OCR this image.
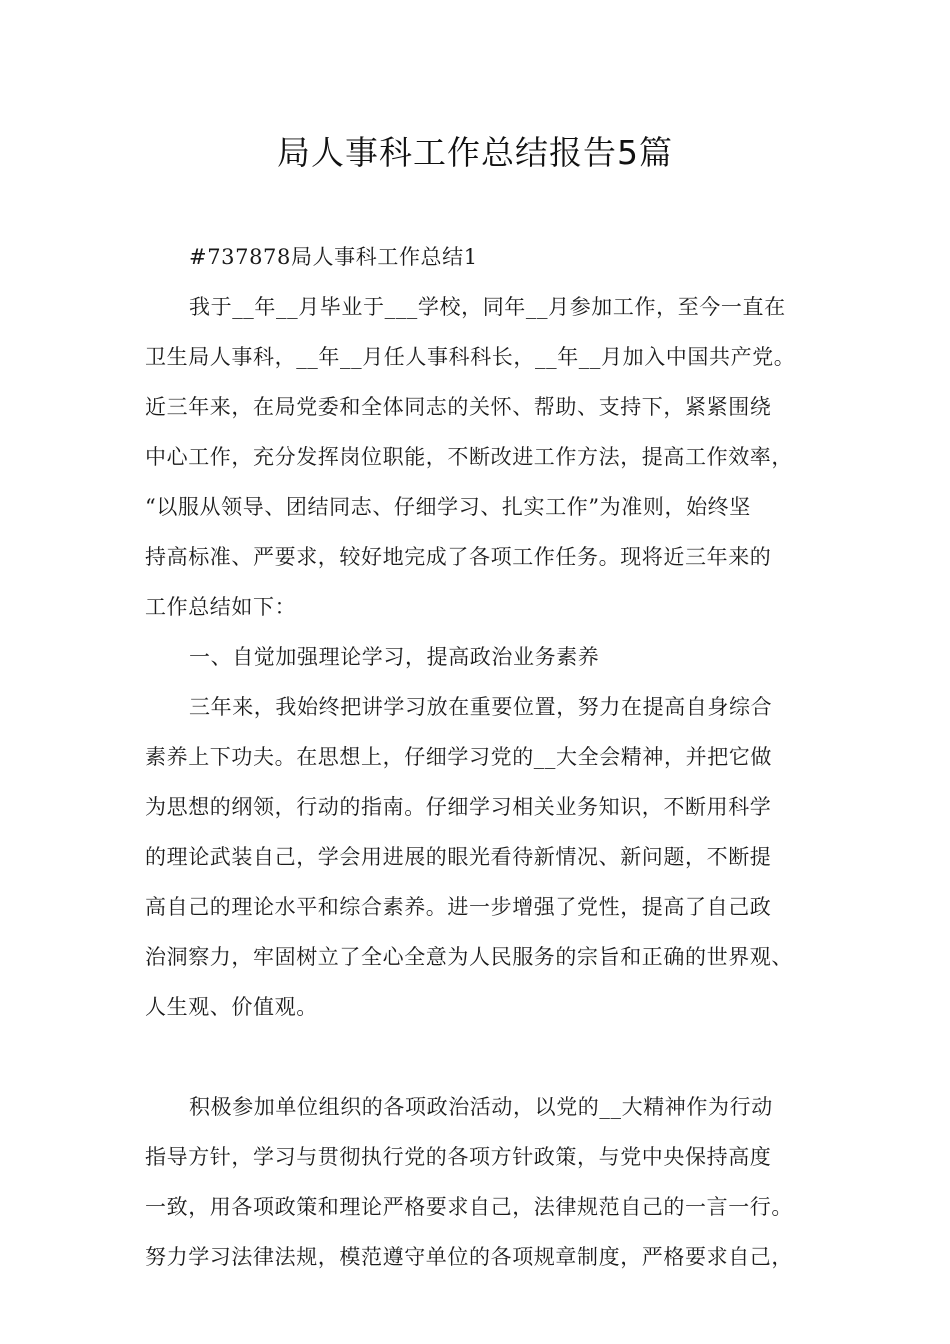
局人事科工作总结报告5篇
#737878局人事科工作总结1
我于__年__月毕业于___学校，同年__月参加工作，至今一直在
卫生局人事科，__年__月任人事科科长，__年__月加入中国共产党。
近三年来，在局党委和全体同志的关怀、帮助、支持下，紧紧围绕
中心工作，充分发挥岗位职能，不断改进工作方法，提高工作效率，
“以服从领导、团结同志、仔细学习、扎实工作”为准则，始终坚
持高标准、严要求，较好地完成了各项工作任务。现将近三年来的
工作总结如下：
一、自觉加强理论学习，提高政治业务素养
三年来，我始终把讲学习放在重要位置，努力在提高自身综合
素养上下功夫。在思想上，仔细学习党的__大全会精神，并把它做
为思想的纲领，行动的指南。仔细学习相关业务知识，不断用科学
的理论武装自己，学会用进展的眼光看待新情况、新问题，不断提
高自己的理论水平和综合素养。进一步增强了党性，提高了自己政
治洞察力，牢固树立了全心全意为人民服务的宗旨和正确的世界观、
人生观、价值观。
积极参加单位组织的各项政治活动，以党的__大精神作为行动
指导方针，学习与贯彻执行党的各项方针政策，与党中央保持高度
一致，用各项政策和理论严格要求自己，法律规范自己的一言一行。
努力学习法律法规，模范遵守单位的各项规章制度，严格要求自己，
